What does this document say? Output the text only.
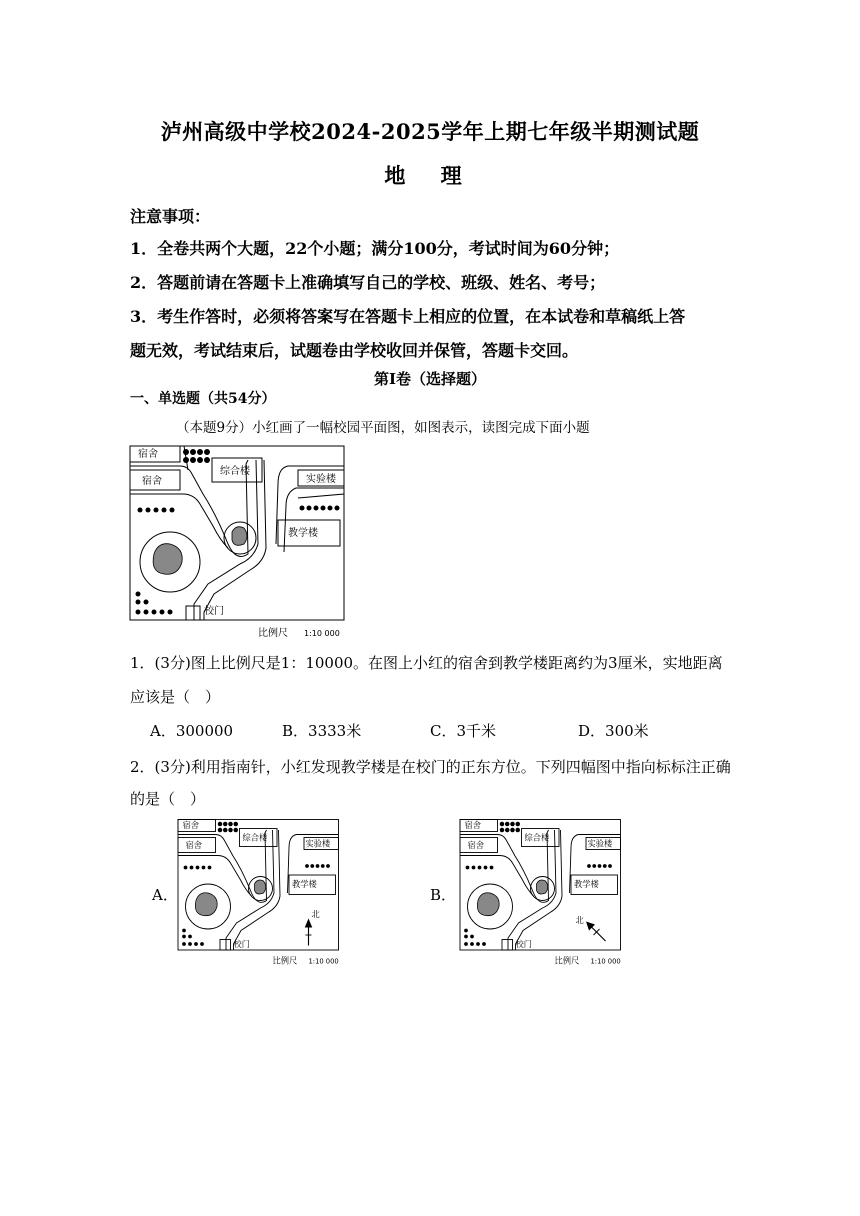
泸州高级中学校2024-2025学年上期七年级半期测试题
地 理
注意事项：
1．全卷共两个大题，22个小题；满分100分，考试时间为60分钟；
2．答题前请在答题卡上准确填写自己的学校、班级、姓名、考号；
3．考生作答时，必须将答案写在答题卡上相应的位置，在本试卷和草稿纸上答
题无效，考试结束后，试题卷由学校收回并保管，答题卡交回。
第Ⅰ卷（选择题）
一、单选题（共54分）
（本题9分）小红画了一幅校园平面图，如图表示，读图完成下面小题
宿舍
宿舍
综合楼
实验楼
教学楼
校门
比例尺 1:10 000
1．(3分)图上比例尺是1：10000。在图上小红的宿舍到教学楼距离约为3厘米，实地距离
应该是（　）
A．300000	B．3333米	C．3千米	D．300米
2．(3分)利用指南针，小红发现教学楼是在校门的正东方位。下列四幅图中指向标标注正确
的是（　）
A．	B．
宿舍
宿舍
综合楼
实验楼
教学楼
校门
比例尺 1:10 000
北
宿舍
宿舍
综合楼
实验楼
教学楼
校门
比例尺 1:10 000
北
